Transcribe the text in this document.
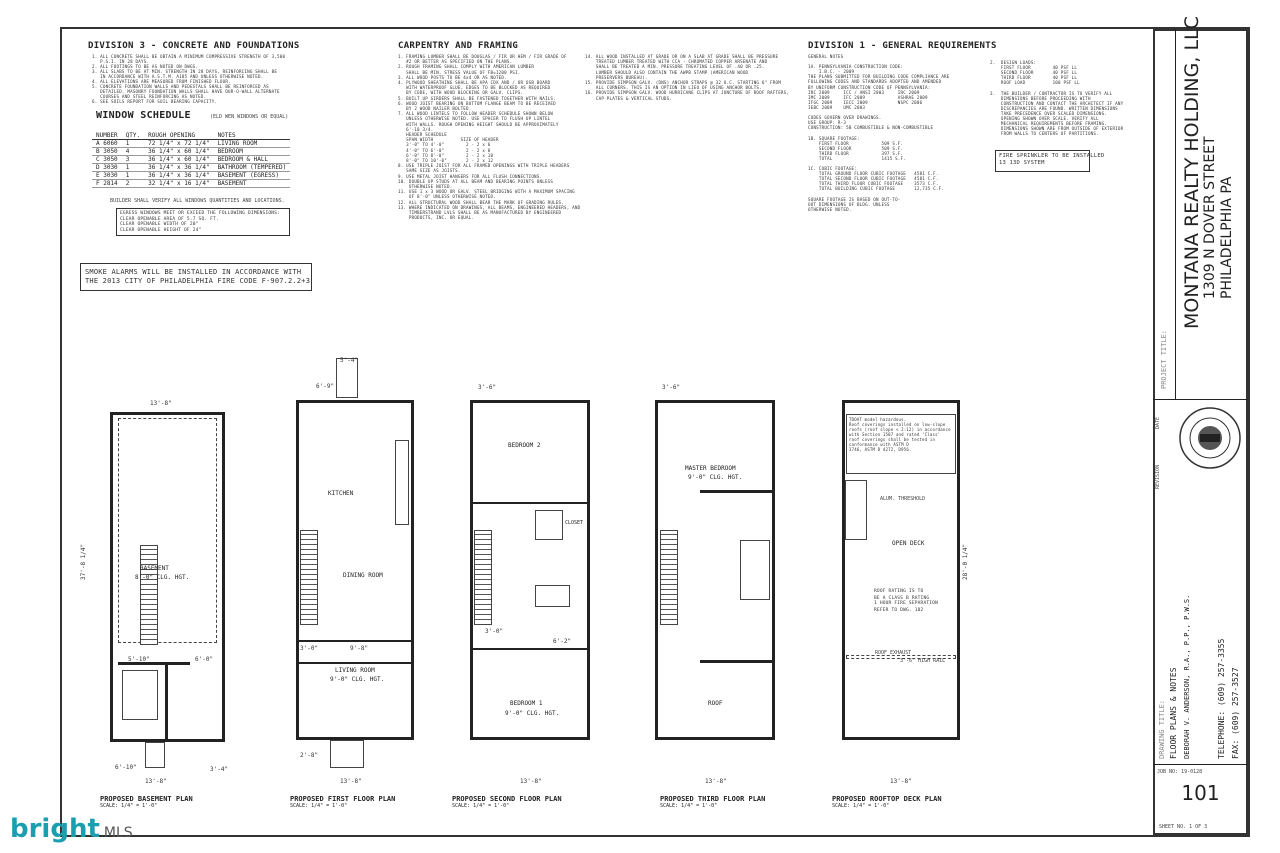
DIVISION 3 - CONCRETE AND FOUNDATIONS
1. ALL CONCRETE SHALL BE OBTAIN A MINIMUM COMPRESSIVE STRENGTH OF 3,500
P.S.I. IN 28 DAYS.
2. ALL FOOTINGS TO BE AS NOTED ON DWGS.
3. ALL SLABS TO BE AT MIN. STRENGTH IN 28 DAYS, REINFORCING SHALL BE
IN ACCORDANCE WITH A.S.T.M. A185 AND UNLESS OTHERWISE NOTED.
4. ALL ELEVATIONS ARE MEASURED FROM FINISHED FLOOR.
5. CONCRETE FOUNDATION WALLS AND PEDESTALS SHALL BE REINFORCED AS
DETAILED. MASONRY FOUNDATION WALLS SHALL HAVE DUR-O-WALL ALTERNATE
COURSES AND STEEL REINFORCING AS NOTED.
6. SEE SOILS REPORT FOR SOIL BEARING CAPACITY.
WINDOW SCHEDULE	(ELD WEN WINDOWS OR EQUAL)
NUMBER	QTY.	ROUGH OPENING	NOTES
A 6060	1	72 1/4" x 72 1/4"	LIVING ROOM
B 3050	4	36 1/4" x 60 1/4"	BEDROOM
C 3050	3	36 1/4" x 60 1/4"	BEDROOM & HALL
D 3030	1	36 1/4" x 36 1/4"	BATHROOM (TEMPERED)
E 3030	1	36 1/4" x 36 1/4"	BASEMENT (EGRESS)
F 2814	2	32 1/4" x 16 1/4"	BASEMENT
BUILDER SHALL VERIFY ALL WINDOWS QUANTITIES AND LOCATIONS.
EGRESS WINDOWS MEET OR EXCEED THE FOLLOWING DIMENSIONS:
CLEAR OPENABLE AREA OF 5.7 SQ. FT.
CLEAR OPENABLE WIDTH OF 20"
CLEAR OPENABLE HEIGHT OF 24"
SMOKE ALARMS WILL BE INSTALLED IN ACCORDANCE WITH
THE 2013 CITY OF PHILADELPHIA FIRE CODE F-907.2.2+3
CARPENTRY AND FRAMING
1. FRAMING LUMBER SHALL BE DOUGLAS / FIR OR HEM / FIR GRADE OF
#2 OR BETTER AS SPECIFIED ON THE PLANS.
2. ROUGH FRAMING SHALL COMPLY WITH AMERICAN LUMBER
SHALL BE MIN. STRESS VALUE OF FB=1200 PSI.
3. ALL WOOD POSTS TO BE 4x4 OR AS NOTED.
4. PLYWOOD SHEATHING SHALL BE APA CDX AND / OR OSB BOARD
WITH WATERPROOF GLUE, EDGES TO BE BLOCKED AS REQUIRED
BY CODE, WITH WOOD BLOCKING OR GALV. CLIPS.
5. BUILT UP GIRDERS SHALL BE FASTENED TOGETHER WITH NAILS.
6. WOOD JOIST BEARING ON BOTTOM FLANGE BEAM TO BE RECEIVED
BY 2 WOOD NAILER BOLTED.
7. ALL WOOD LINTELS TO FOLLOW HEADER SCHEDULE SHOWN BELOW
UNLESS OTHERWISE NOTED. USE SPACER TO FLUSH UP LINTEL
WITH WALLS. ROUGH OPENING HEIGHT SHOULD BE APPROXIMATELY
6'-10 3/4.
HEADER SCHEDULE
SPAN WIDTH          SIZE OF HEADER
3'-0" TO 4'-0"        2 - 2 x 6
4'-0" TO 6'-0"        2 - 2 x 8
6'-0" TO 8'-0"        2 - 2 x 10
8'-0" TO 10'-0"       2 - 2 x 12
8. USE TRIPLE JOIST FOR ALL FRAMED OPENINGS WITH TRIPLE HEADERS
SAME SIZE AS JOISTS.
9. USE METAL JOIST HANGERS FOR ALL FLUSH CONNECTIONS.
10. DOUBLE UP STUDS AT ALL BEAM AND BEARING POINTS UNLESS
OTHERWISE NOTED.
11. USE 1 x 3 WOOD OR GALV. STEEL BRIDGING WITH A MAXIMUM SPACING
OF 8'-0" UNLESS OTHERWISE NOTED.
12. ALL STRUCTURAL WOOD SHALL BEAR THE MARK OF GRADING RULES.
13. WHERE INDICATED ON DRAWINGS, ALL BEAMS, ENGINEERED HEADERS, AND
TIMBERSTRAND LVLS SHALL BE AS MANUFACTURED BY ENGINEERED
PRODUCTS, INC. OR EQUAL.
14. ALL WOOD INSTALLED AT GRADE OR ON A SLAB AT GRADE SHALL BE PRESSURE
TREATED LUMBER TREATED WITH CCA - CHROMATED COPPER ARSENATE AND
SHALL BE TREATED A MIN. PRESSURE TREATING LEVEL OF .40 OR .25.
LUMBER SHOULD ALSO CONTAIN THE AWPB STAMP (AMERICAN WOOD
PRESERVERS BUREAU).
15. PROVIDE SIMPSON GALV. (DNS) ANCHOR STRAPS @ 32 O.C. STARTING 6" FROM
ALL CORNERS. THIS IS AN OPTION IN LIEU OF USING ANCHOR BOLTS.
16. PROVIDE SIMPSON GALV. WOOD HURRICANE CLIPS AT JUNCTURE OF ROOF RAFTERS,
CAP PLATES & VERTICAL STUDS.
DIVISION 1 - GENERAL REQUIREMENTS
GENERAL NOTES

1A. PENNSYLVANIA CONSTRUCTION CODE:
I.B.C. - 2009
THE PLANS SUBMITTED FOR BUILDING CODE COMPLIANCE ARE
FOLLOWING CODES AND STANDARDS ADOPTED AND AMENDED
BY UNIFORM CONSTRUCTION CODE OF PENNSYLVANIA:
IRC 2009     ICC / ANSI 2003     IRC 2009
IMC 2009     IFC 2009            ASHRAE 2009
IFGC 2009    IECC 2009           NSPC 2006
IEBC 2009    UMC 2003

CODES GOVERN OVER DRAWINGS.
USE GROUP: R-3
CONSTRUCTION: 5B COMBUSTIBLE & NON-COMBUSTIBLE

1B. SQUARE FOOTAGE:
FIRST FLOOR            509 S.F.
SECOND FLOOR           509 S.F.
THIRD FLOOR            397 S.F.
TOTAL                  1415 S.F.

1C. CUBIC FOOTAGE:
TOTAL GROUND FLOOR CUBIC FOOTAGE   4581 C.F.
TOTAL SECOND FLOOR CUBIC FOOTAGE   4581 C.F.
TOTAL THIRD FLOOR CUBIC FOOTAGE    3573 C.F.
TOTAL BUILDING CUBIC FOOTAGE       12,735 C.F.

SQUARE FOOTAGE IS BASED ON OUT-TO-
OUT DIMENSIONS OF BLDG. UNLESS
OTHERWISE NOTED.
2.  DESIGN LOADS:
FIRST FLOOR        40 PSF LL
SECOND FLOOR       40 PSF LL
THIRD FLOOR        40 PSF LL
ROOF LOAD          100 PSF LL

3.  THE BUILDER / CONTRACTOR IS TO VERIFY ALL
DIMENSIONS BEFORE PROCEEDING WITH
CONSTRUCTION AND CONTACT THE ARCHITECT IF ANY
DISCREPANCIES ARE FOUND. WRITTEN DIMENSIONS
TAKE PRECEDENCE OVER SCALED DIMENSIONS.
OPENING SHOWN OVER SCALE. VERIFY ALL
MECHANICAL REQUIREMENTS BEFORE FRAMING.
DIMENSIONS SHOWN ARE FROM OUTSIDE OF EXTERIOR
FROM WALLS TO CENTERS OF PARTITIONS.
FIRE SPRINKLER TO BE INSTALLED
13 13D SYSTEM
PROJECT TITLE:
MONTANA REALTY HOLDING, LLC 1309 N DOVER STREET PHILADELPHIA PA
DATE
REVISION
DRAWING TITLE: FLOOR PLANS & NOTES DEBORAH V. ANDERSON, R.A., P.P., P.W.S.	TELEPHONE: (609) 257-3355 FAX: (609) 257-3527
JOB NO: 19-0128
101
SHEET NO. 1 OF 3
BASEMENT
8'-0" CLG. HGT.
13'-8"
5'-10"	6'-0"
6'-10"	3'-4"
13'-8"
37'-8 1/4"
PROPOSED BASEMENT PLAN
SCALE: 1/4" = 1'-0"
KITCHEN
DINING ROOM
LIVING ROOM
9'-0" CLG. HGT.
5'-4"
6'-9"
3'-0"	9'-8"
2'-8"
13'-8"
PROPOSED FIRST FLOOR PLAN
SCALE: 1/4" = 1'-0"
BEDROOM 2
CLOSET
BEDROOM 1
9'-0" CLG. HGT.
3'-6"
3'-0"
6'-2"
13'-8"
PROPOSED SECOND FLOOR PLAN
SCALE: 1/4" = 1'-0"
MASTER BEDROOM
9'-0" CLG. HGT.
ROOF
3'-6"
13'-8"
PROPOSED THIRD FLOOR PLAN
SCALE: 1/4" = 1'-0"
TDOAT model hazardous.
Roof coverings installed on low-slope
roofs (roof slope < 2:12) in accordance
with Section 1507 and rated 'Class'
roof coverings shall be tested in
conformance with ASTM D
3746, ASTM D 4272, D956.
OPEN DECK
ROOF RATING IS TO
BE A CLASS B RATING
1 HOUR FIRE SEPARATION
REFER TO DWG. 102
ALUM. THRESHOLD
ROOF EXHAUST
3'-6" HIGH RAIL
13'-8"
28'-0 1/4"
PROPOSED ROOFTOP DECK PLAN
SCALE: 1/4" = 1'-0"
bright MLS
